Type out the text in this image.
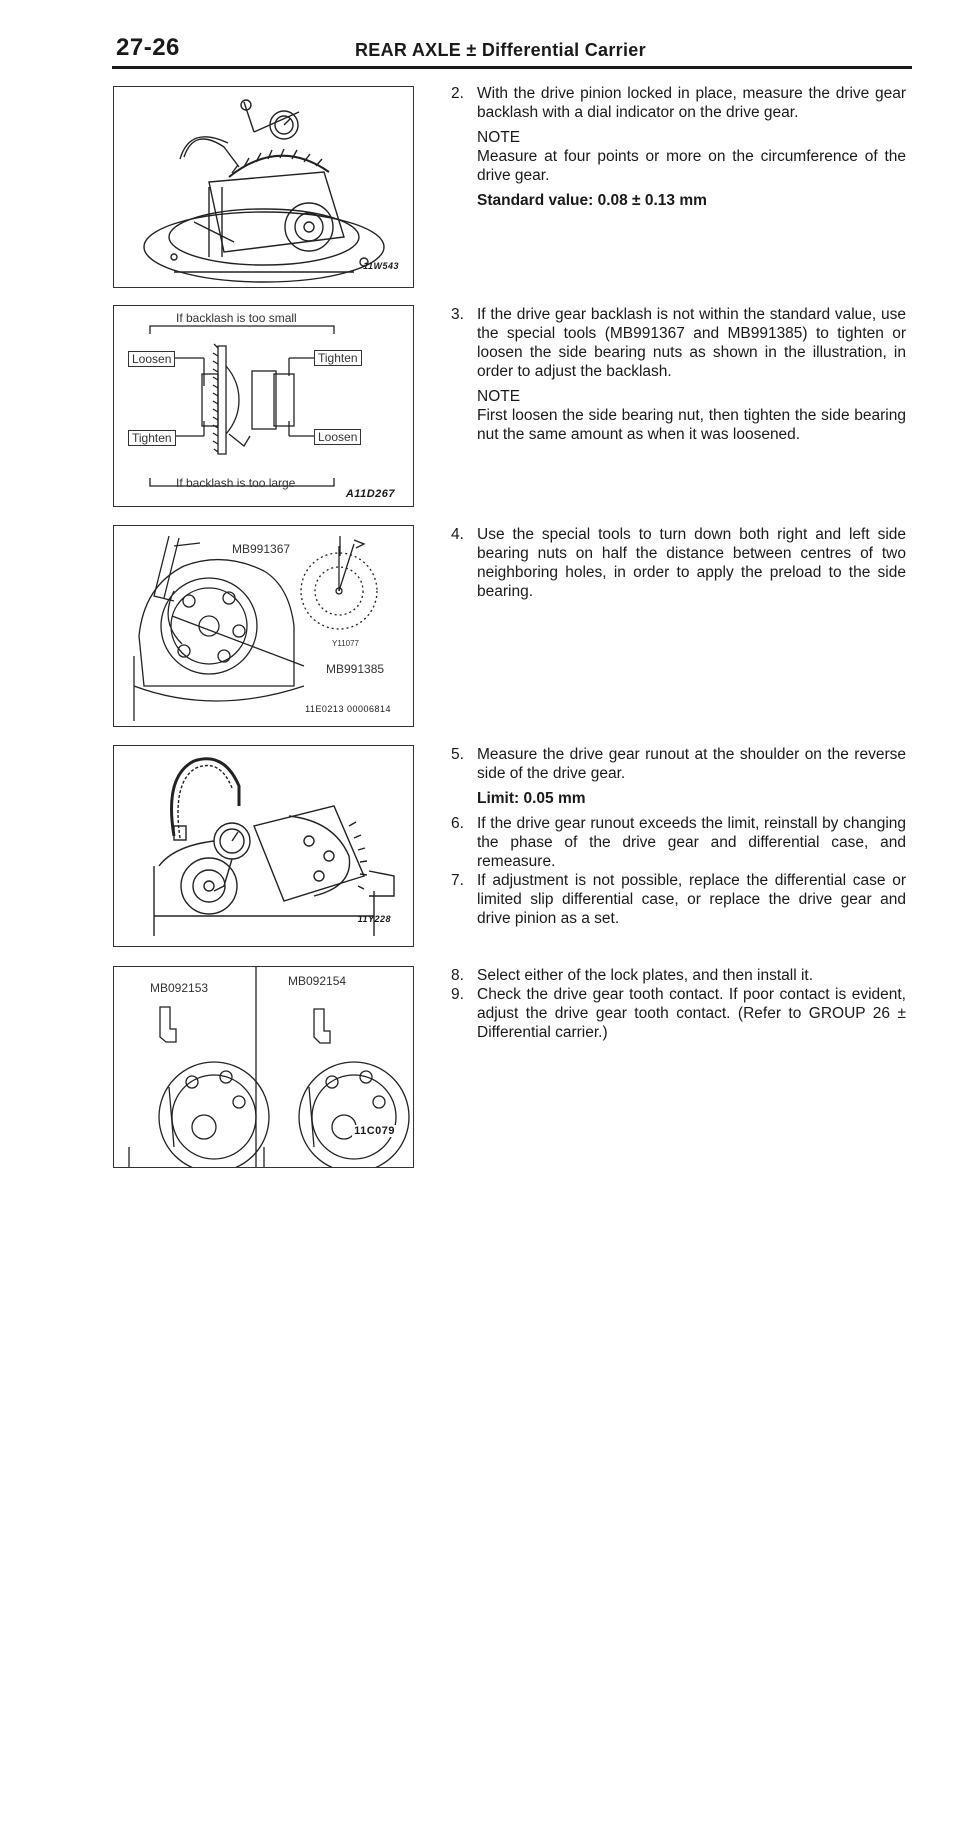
27-26	REAR AXLE ± Differential Carrier
11W543
If backlash is too small
If backlash is too large
Loosen	Tighten
Tighten	Loosen
A11D267
MB991367
MB991385
Y11077
11E0213 00006814
11Y228
MB092153	MB092154
11C079
2. With the drive pinion locked in place, measure the drive gear backlash with a dial indicator on the drive gear.
NOTE
Measure at four points or more on the circumference of the drive gear.
Standard value: 0.08 ± 0.13 mm
3. If the drive gear backlash is not within the standard value, use the special tools (MB991367 and MB991385) to tighten or loosen the side bearing nuts as shown in the illustration, in order to adjust the backlash.
NOTE
First loosen the side bearing nut, then tighten the side bearing nut the same amount as when it was loosened.
4. Use the special tools to turn down both right and left side bearing nuts on half the distance between centres of two neighboring holes, in order to apply the preload to the side bearing.
5. Measure the drive gear runout at the shoulder on the reverse side of the drive gear.
Limit: 0.05 mm
6. If the drive gear runout exceeds the limit, reinstall by changing the phase of the drive gear and differential case, and remeasure.
7. If adjustment is not possible, replace the differential case or limited slip differential case, or replace the drive gear and drive pinion as a set.
8. Select either of the lock plates, and then install it.
9. Check the drive gear tooth contact. If poor contact is evident, adjust the drive gear tooth contact. (Refer to GROUP 26 ± Differential carrier.)
